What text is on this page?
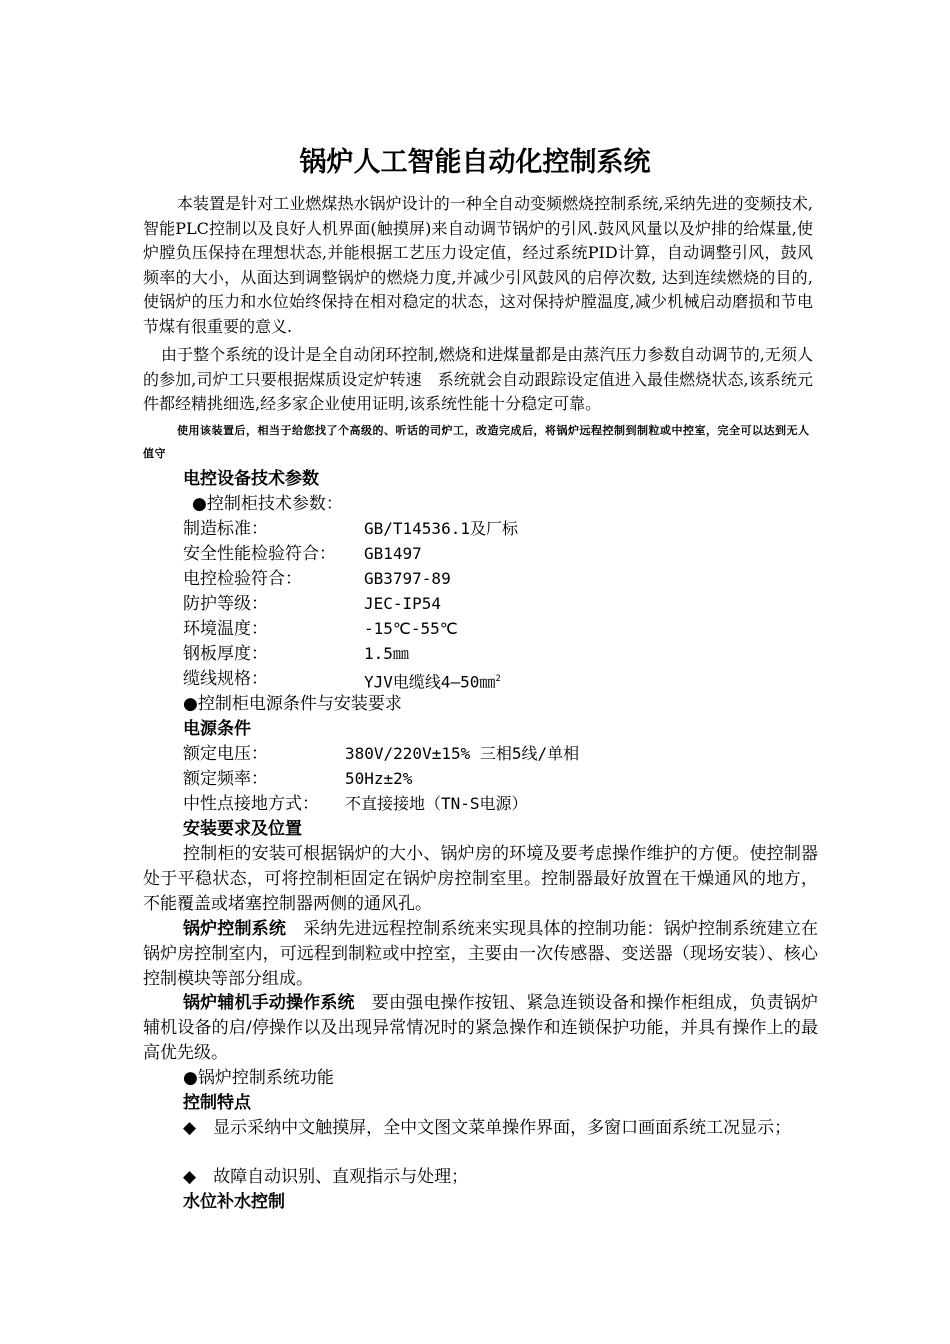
锅炉人工智能自动化控制系统
本装置是针对工业燃煤热水锅炉设计的一种全自动变频燃烧控制系统,采纳先进的变频技术,智能PLC控制以及良好人机界面(触摸屏)来自动调节锅炉的引风.鼓风风量以及炉排的给煤量,使炉膛负压保持在理想状态,并能根据工艺压力设定值，经过系统PID计算，自动调整引风，鼓风频率的大小，从面达到调整锅炉的燃烧力度,并减少引风鼓风的启停次数, 达到连续燃烧的目的,使锅炉的压力和水位始终保持在相对稳定的状态，这对保持炉膛温度,减少机械启动磨损和节电节煤有很重要的意义.
由于整个系统的设计是全自动闭环控制,燃烧和进煤量都是由蒸汽压力参数自动调节的,无须人的参加,司炉工只要根据煤质设定炉转速　系统就会自动跟踪设定值进入最佳燃烧状态,该系统元件都经精挑细选,经多家企业使用证明,该系统性能十分稳定可靠。
使用该装置后，相当于给您找了个高级的、听话的司炉工，改造完成后，将锅炉远程控制到制粒或中控室，完全可以达到无人值守
电控设备技术参数
●控制柜技术参数：
制造标准：	GB/T14536.1及厂标
安全性能检验符合： GB1497
电控检验符合：	GB3797-89
防护等级：	JEC-IP54
环境温度：	-15℃-55℃
钢板厚度：	1.5㎜
缆线规格：	YJV电缆线4—50㎜$^2$
●控制柜电源条件与安装要求
电源条件
额定电压：	380V/220V±15% 三相5线/单相
额定频率：	50Hz±2%
中性点接地方式： 不直接接地（TN-S电源）
安装要求及位置
控制柜的安装可根据锅炉的大小、锅炉房的环境及要考虑操作维护的方便。使控制器处于平稳状态，可将控制柜固定在锅炉房控制室里。控制器最好放置在干燥通风的地方，不能覆盖或堵塞控制器两侧的通风孔。
锅炉控制系统　采纳先进远程控制系统来实现具体的控制功能：锅炉控制系统建立在锅炉房控制室内，可远程到制粒或中控室，主要由一次传感器、变送器（现场安装）、核心控制模块等部分组成。
锅炉辅机手动操作系统　要由强电操作按钮、紧急连锁设备和操作柜组成，负责锅炉辅机设备的启/停操作以及出现异常情况时的紧急操作和连锁保护功能，并具有操作上的最高优先级。
●锅炉控制系统功能
控制特点
◆　显示采纳中文触摸屏，全中文图文菜单操作界面，多窗口画面系统工况显示；
◆　故障自动识别、直观指示与处理；
水位补水控制
